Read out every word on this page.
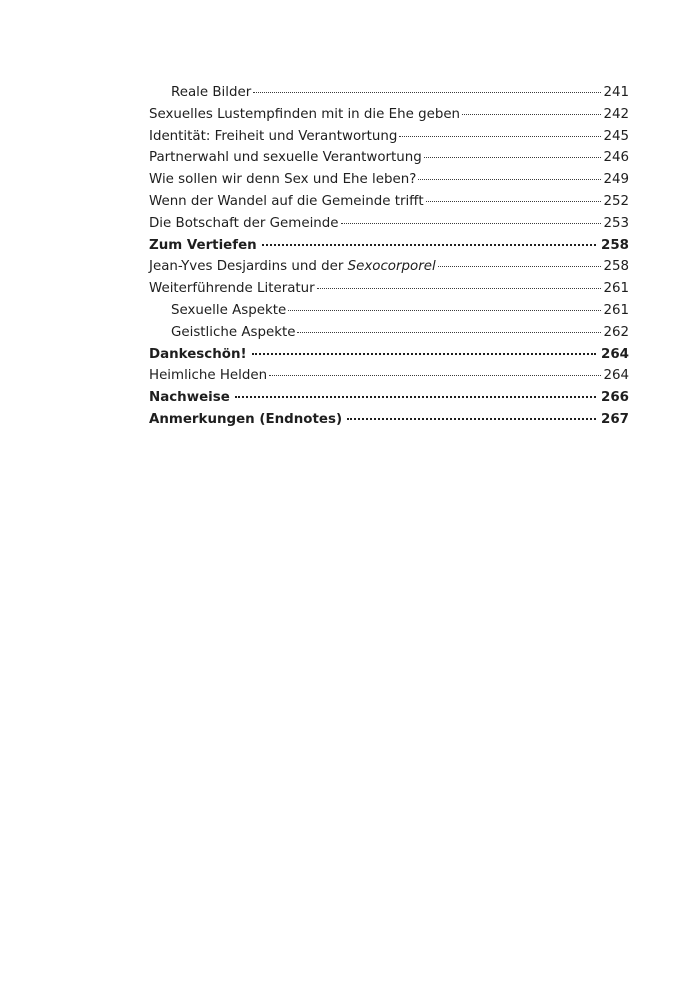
Reale Bilder	241
Sexuelles Lustempfinden mit in die Ehe geben	242
Identität: Freiheit und Verantwortung	245
Partnerwahl und sexuelle Verantwortung	246
Wie sollen wir denn Sex und Ehe leben?	249
Wenn der Wandel auf die Gemeinde trifft	252
Die Botschaft der Gemeinde	253
Zum Vertiefen	258
Jean-Yves Desjardins und der Sexocorporel	258
Weiterführende Literatur	261
Sexuelle Aspekte	261
Geistliche Aspekte	262
Dankeschön!	264
Heimliche Helden	264
Nachweise	266
Anmerkungen (Endnotes)	267
